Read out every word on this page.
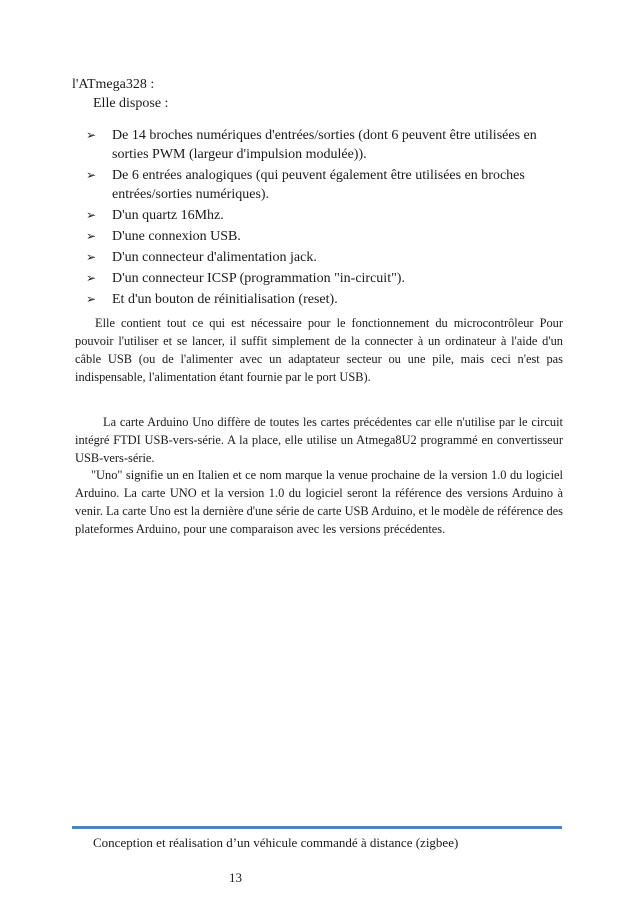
l'ATmega328 :
Elle dispose :
➢ De 14 broches numériques d'entrées/sorties (dont 6 peuvent être utilisées en sorties PWM (largeur d'impulsion modulée)).
➢ De 6 entrées analogiques (qui peuvent également être utilisées en broches entrées/sorties numériques).
➢ D'un quartz 16Mhz.
➢ D'une connexion USB.
➢ D'un connecteur d'alimentation jack.
➢ D'un connecteur ICSP (programmation "in-circuit").
➢ Et d'un bouton de réinitialisation (reset).

Elle contient tout ce qui est nécessaire pour le fonctionnement du microcontrôleur Pour pouvoir l'utiliser et se lancer, il suffit simplement de la connecter à un ordinateur à l'aide d'un câble USB (ou de l'alimenter avec un adaptateur secteur ou une pile, mais ceci n'est pas indispensable, l'alimentation étant fournie par le port USB).

La carte Arduino Uno diffère de toutes les cartes précédentes car elle n'utilise par le circuit intégré FTDI USB-vers-série. A la place, elle utilise un Atmega8U2 programmé en convertisseur USB-vers-série.

"Uno" signifie un en Italien et ce nom marque la venue prochaine de la version 1.0 du logiciel Arduino. La carte UNO et la version 1.0 du logiciel seront la référence des versions Arduino à venir. La carte Uno est la dernière d'une série de carte USB Arduino, et le modèle de référence des plateformes Arduino, pour une comparaison avec les versions précédentes.

Conception et réalisation d’un véhicule commandé à distance (zigbee)
13
